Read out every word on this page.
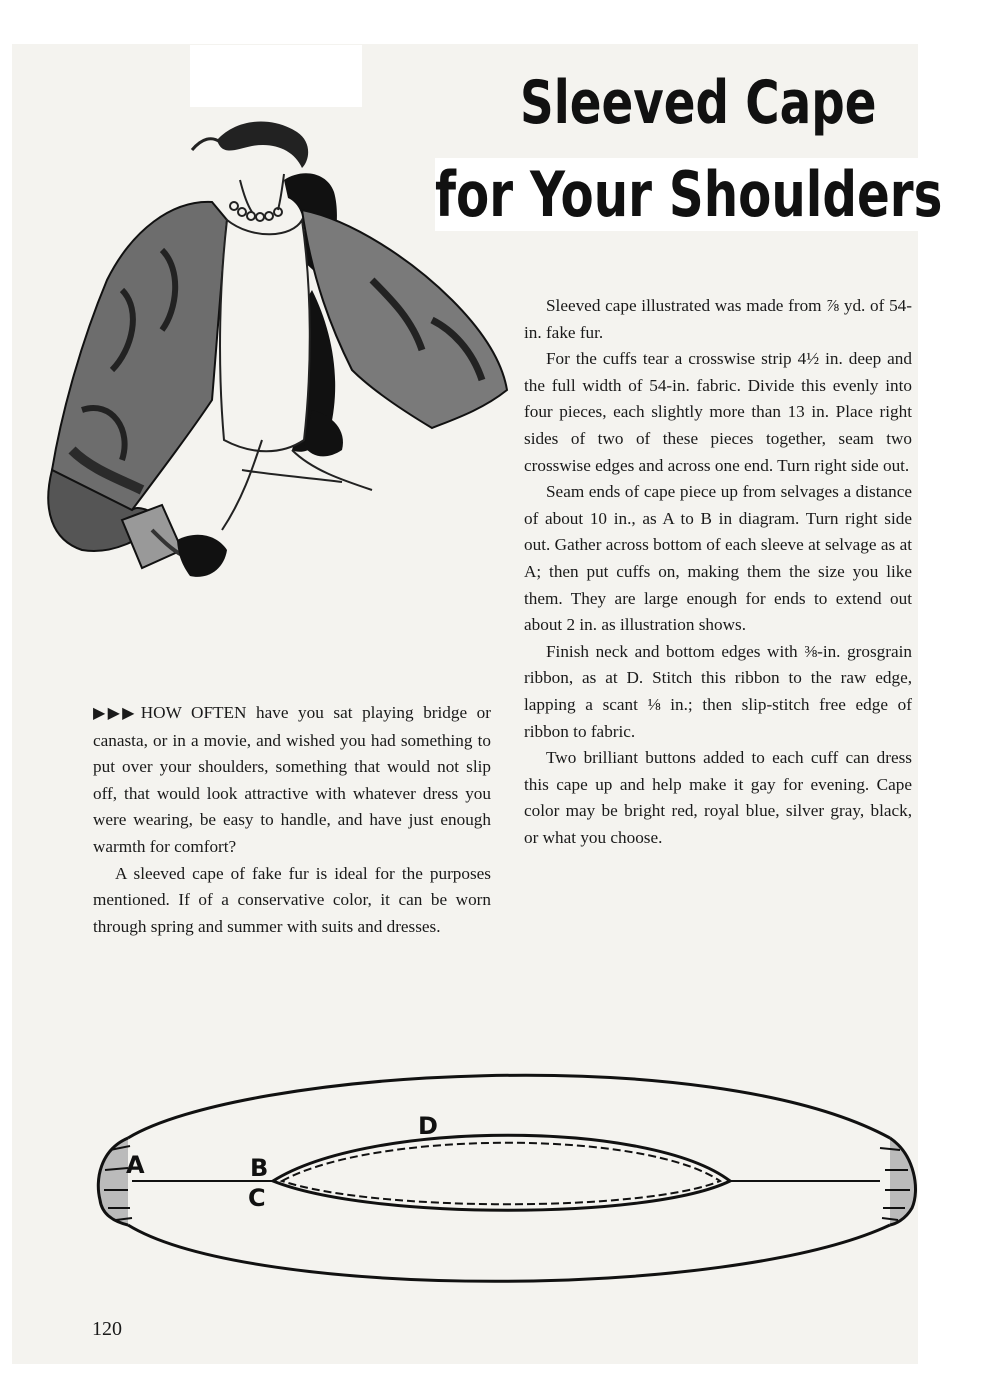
Sleeved Cape
for Your Shoulders

▶▶▶ HOW OFTEN have you sat playing bridge or canasta, or in a movie, and wished you had something to put over your shoulders, something that would not slip off, that would look attractive with whatever dress you were wearing, be easy to handle, and have just enough warmth for comfort?

A sleeved cape of fake fur is ideal for the purposes mentioned. If of a conservative color, it can be worn through spring and summer with suits and dresses.

Sleeved cape illustrated was made from ⅞ yd. of 54-in. fake fur.

For the cuffs tear a crosswise strip 4½ in. deep and the full width of 54-in. fabric. Divide this evenly into four pieces, each slightly more than 13 in. Place right sides of two of these pieces together, seam two crosswise edges and across one end. Turn right side out.

Seam ends of cape piece up from selvages a distance of about 10 in., as A to B in diagram. Turn right side out. Gather across bottom of each sleeve at selvage as at A; then put cuffs on, making them the size you like them. They are large enough for ends to extend out about 2 in. as illustration shows.

Finish neck and bottom edges with ⅜-in. grosgrain ribbon, as at D. Stitch this ribbon to the raw edge, lapping a scant ⅛ in.; then slip-stitch free edge of ribbon to fabric.

Two brilliant buttons added to each cuff can dress this cape up and help make it gay for evening. Cape color may be bright red, royal blue, silver gray, black, or what you choose.

A	B
C
D
120
